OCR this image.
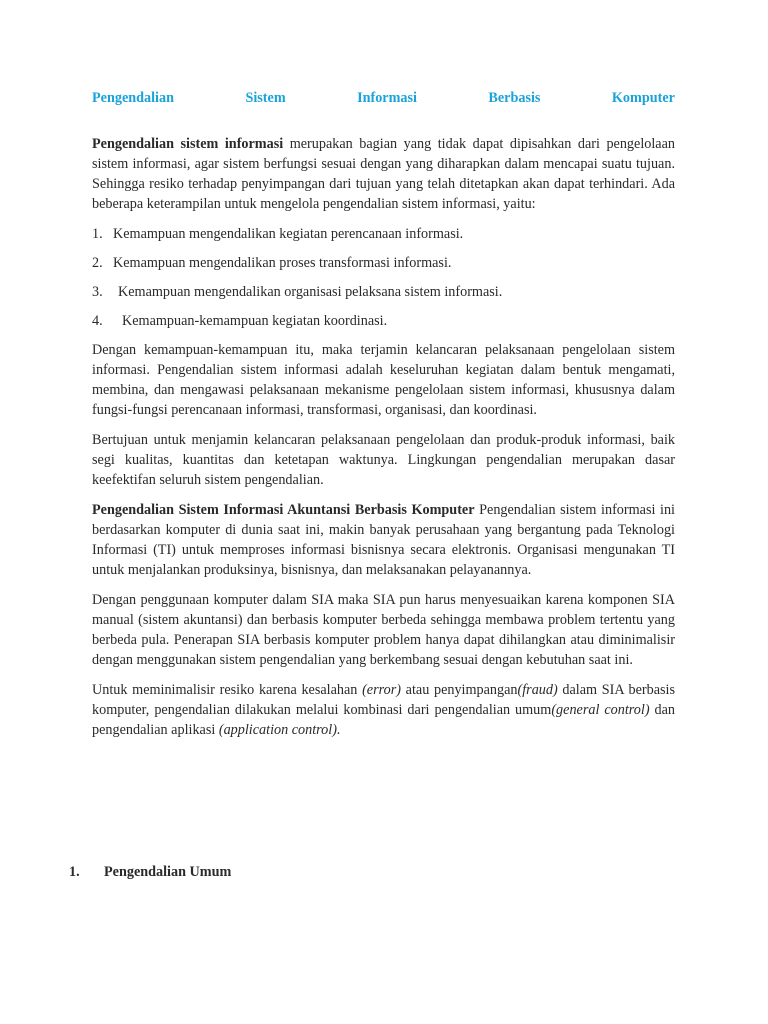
Pengendalian	Sistem	Informasi	Berbasis	Komputer

Pengendalian sistem informasi merupakan bagian yang tidak dapat dipisahkan dari pengelolaan sistem informasi, agar sistem berfungsi sesuai dengan yang diharapkan dalam mencapai suatu tujuan. Sehingga resiko terhadap penyimpangan dari tujuan yang telah ditetapkan akan dapat terhindari. Ada beberapa keterampilan untuk mengelola pengendalian sistem informasi, yaitu:

1. Kemampuan mengendalikan kegiatan perencanaan informasi.
2. Kemampuan mengendalikan proses transformasi informasi.
3. Kemampuan mengendalikan organisasi pelaksana sistem informasi.
4. Kemampuan-kemampuan kegiatan koordinasi.

Dengan kemampuan-kemampuan itu, maka terjamin kelancaran pelaksanaan pengelolaan sistem informasi. Pengendalian sistem informasi adalah keseluruhan kegiatan dalam bentuk mengamati, membina, dan mengawasi pelaksanaan mekanisme pengelolaan sistem informasi, khususnya dalam fungsi-fungsi perencanaan informasi, transformasi, organisasi, dan koordinasi.

Bertujuan untuk menjamin kelancaran pelaksanaan pengelolaan dan produk-produk informasi, baik segi kualitas, kuantitas dan ketetapan waktunya. Lingkungan pengendalian merupakan dasar keefektifan seluruh sistem pengendalian.

Pengendalian Sistem Informasi Akuntansi Berbasis Komputer Pengendalian sistem informasi ini berdasarkan komputer di dunia saat ini, makin banyak perusahaan yang bergantung pada Teknologi Informasi (TI) untuk memproses informasi bisnisnya secara elektronis. Organisasi mengunakan TI untuk menjalankan produksinya, bisnisnya, dan melaksanakan pelayanannya.

Dengan penggunaan komputer dalam SIA maka SIA pun harus menyesuaikan karena komponen SIA manual (sistem akuntansi) dan berbasis komputer berbeda sehingga membawa problem tertentu yang berbeda pula. Penerapan SIA berbasis komputer problem hanya dapat dihilangkan atau diminimalisir dengan menggunakan sistem pengendalian yang berkembang sesuai dengan kebutuhan saat ini.

Untuk meminimalisir resiko karena kesalahan (error) atau penyimpangan(fraud) dalam SIA berbasis komputer, pengendalian dilakukan melalui kombinasi dari pengendalian umum(general control) dan pengendalian aplikasi (application control).

1. Pengendalian Umum
